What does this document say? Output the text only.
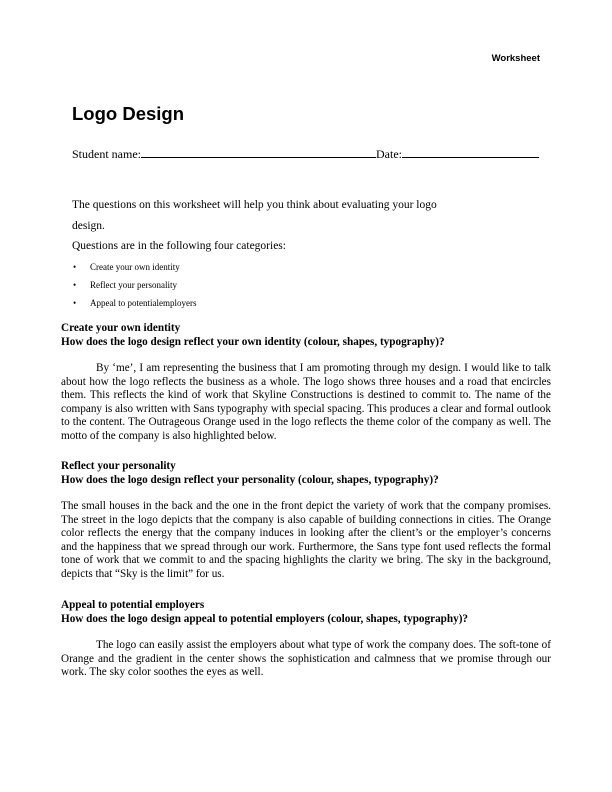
Worksheet
Logo Design
Student name:	Date:
The questions on this worksheet will help you think about evaluating your logo design.
Questions are in the following four categories:
• Create your own identity
• Reflect your personality
• Appeal to potentialemployers
Create your own identity
How does the logo design reflect your own identity (colour, shapes, typography)?

By ‘me’, I am representing the business that I am promoting through my design. I would like to talk about how the logo reflects the business as a whole. The logo shows three houses and a road that encircles them. This reflects the kind of work that Skyline Constructions is destined to commit to. The name of the company is also written with Sans typography with special spacing. This produces a clear and formal outlook to the content. The Outrageous Orange used in the logo reflects the theme color of the company as well. The motto of the company is also highlighted below.

Reflect your personality
How does the logo design reflect your personality (colour, shapes, typography)?

The small houses in the back and the one in the front depict the variety of work that the company promises. The street in the logo depicts that the company is also capable of building connections in cities. The Orange color reflects the energy that the company induces in looking after the client’s or the employer’s concerns and the happiness that we spread through our work. Furthermore, the Sans type font used reflects the formal tone of work that we commit to and the spacing highlights the clarity we bring. The sky in the background, depicts that “Sky is the limit” for us.

Appeal to potential employers
How does the logo design appeal to potential employers (colour, shapes, typography)?

The logo can easily assist the employers about what type of work the company does. The soft-tone of Orange and the gradient in the center shows the sophistication and calmness that we promise through our work. The sky color soothes the eyes as well.
